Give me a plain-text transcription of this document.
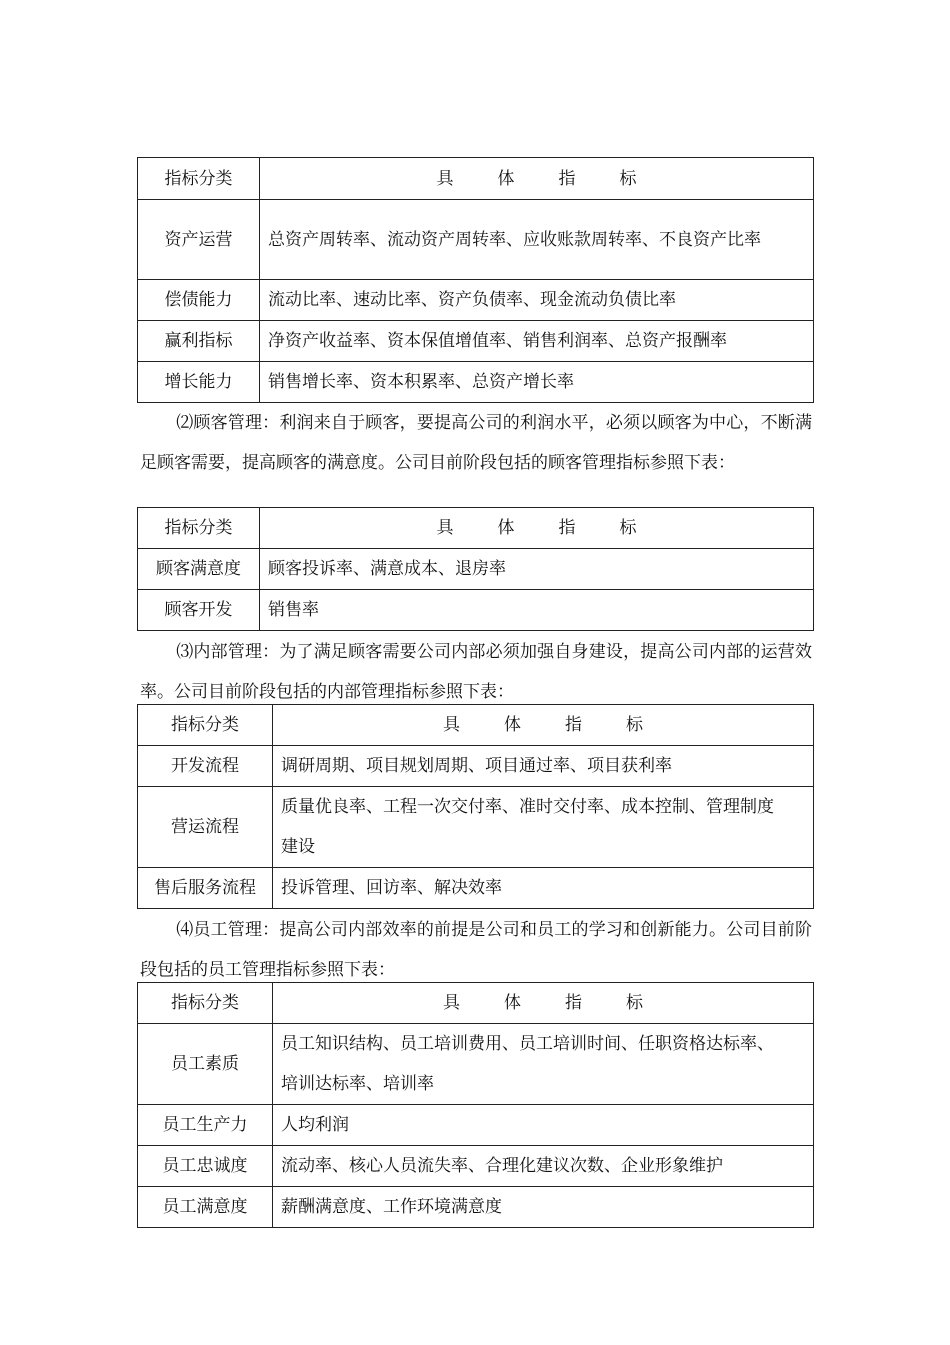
指标分类	具 体 指 标
资产运营	总资产周转率、流动资产周转率、应收账款周转率、不良资产比率
偿债能力	流动比率、速动比率、资产负债率、现金流动负债比率
赢利指标	净资产收益率、资本保值增值率、销售利润率、总资产报酬率
增长能力	销售增长率、资本积累率、总资产增长率

⑵顾客管理：利润来自于顾客，要提高公司的利润水平，必须以顾客为中心，不断满足顾客需要，提高顾客的满意度。公司目前阶段包括的顾客管理指标参照下表：

指标分类	具 体 指 标
顾客满意度	顾客投诉率、满意成本、退房率
顾客开发	销售率

⑶内部管理：为了满足顾客需要公司内部必须加强自身建设，提高公司内部的运营效率。公司目前阶段包括的内部管理指标参照下表：

指标分类	具 体 指 标
开发流程	调研周期、项目规划周期、项目通过率、项目获利率
营运流程	质量优良率、工程一次交付率、准时交付率、成本控制、管理制度建设
售后服务流程	投诉管理、回访率、解决效率

⑷员工管理：提高公司内部效率的前提是公司和员工的学习和创新能力。公司目前阶段包括的员工管理指标参照下表：

指标分类	具 体 指 标
员工素质	员工知识结构、员工培训费用、员工培训时间、任职资格达标率、培训达标率、培训率
员工生产力	人均利润
员工忠诚度	流动率、核心人员流失率、合理化建议次数、企业形象维护
员工满意度	薪酬满意度、工作环境满意度
